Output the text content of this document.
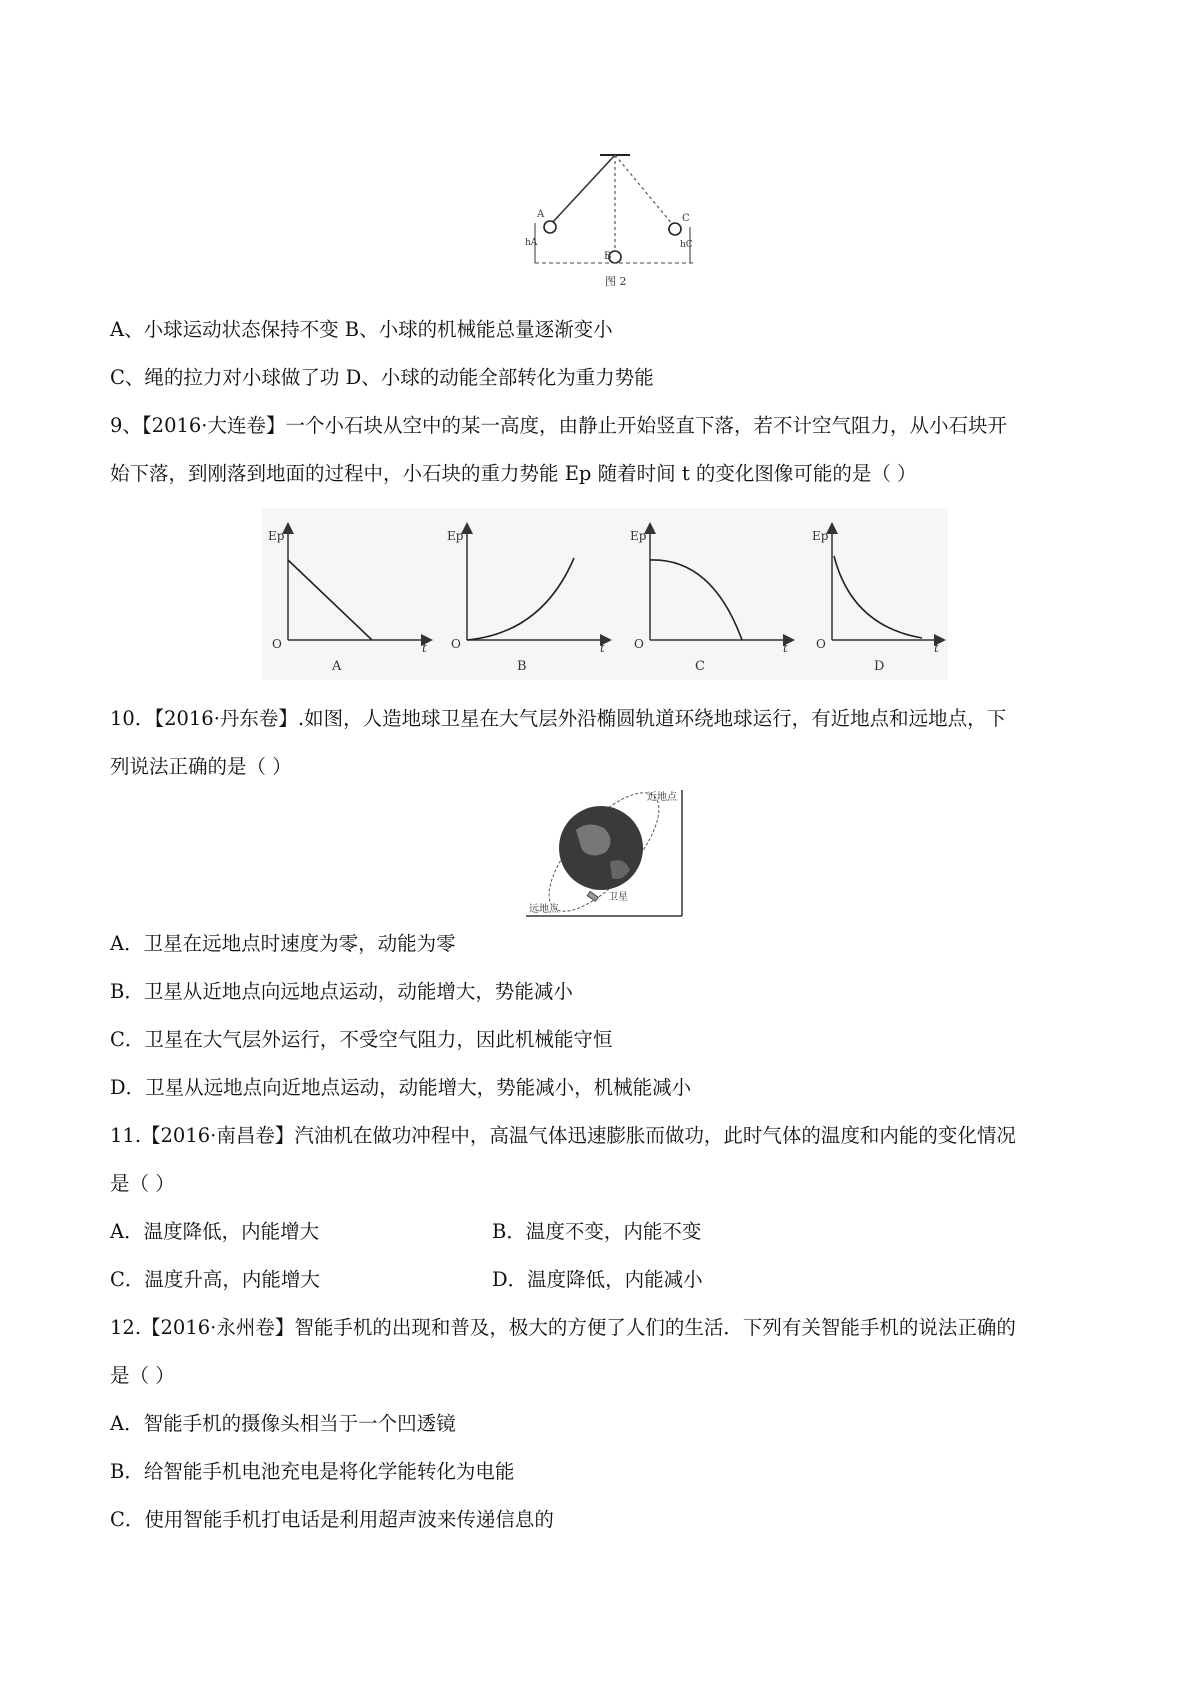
A
hA
B
C
hC
图 2
A、小球运动状态保持不变 B、小球的机械能总量逐渐变小
C、绳的拉力对小球做了功 D、小球的动能全部转化为重力势能
9、【2016·大连卷】一个小石块从空中的某一高度，由静止开始竖直下落，若不计空气阻力，从小石块开
始下落，到刚落到地面的过程中，小石块的重力势能 Ep 随着时间 t 的变化图像可能的是（ ）
Ep
O	t
A
Ep
O	t
B
Ep
O	t
C
Ep
O	t
D
10．【2016·丹东卷】.如图，人造地球卫星在大气层外沿椭圆轨道环绕地球运行，有近地点和远地点，下
列说法正确的是（ ）
近地点
远地点
卫星
A．卫星在远地点时速度为零，动能为零
B．卫星从近地点向远地点运动，动能增大，势能减小
C．卫星在大气层外运行，不受空气阻力，因此机械能守恒
D．卫星从远地点向近地点运动，动能增大，势能减小，机械能减小
11.【2016·南昌卷】汽油机在做功冲程中，高温气体迅速膨胀而做功，此时气体的温度和内能的变化情况
是（ ）
A．温度降低，内能增大	B．温度不变，内能不变
C．温度升高，内能增大	D．温度降低，内能减小
12.【2016·永州卷】智能手机的出现和普及，极大的方便了人们的生活．下列有关智能手机的说法正确的
是（ ）
A．智能手机的摄像头相当于一个凹透镜
B．给智能手机电池充电是将化学能转化为电能
C．使用智能手机打电话是利用超声波来传递信息的
